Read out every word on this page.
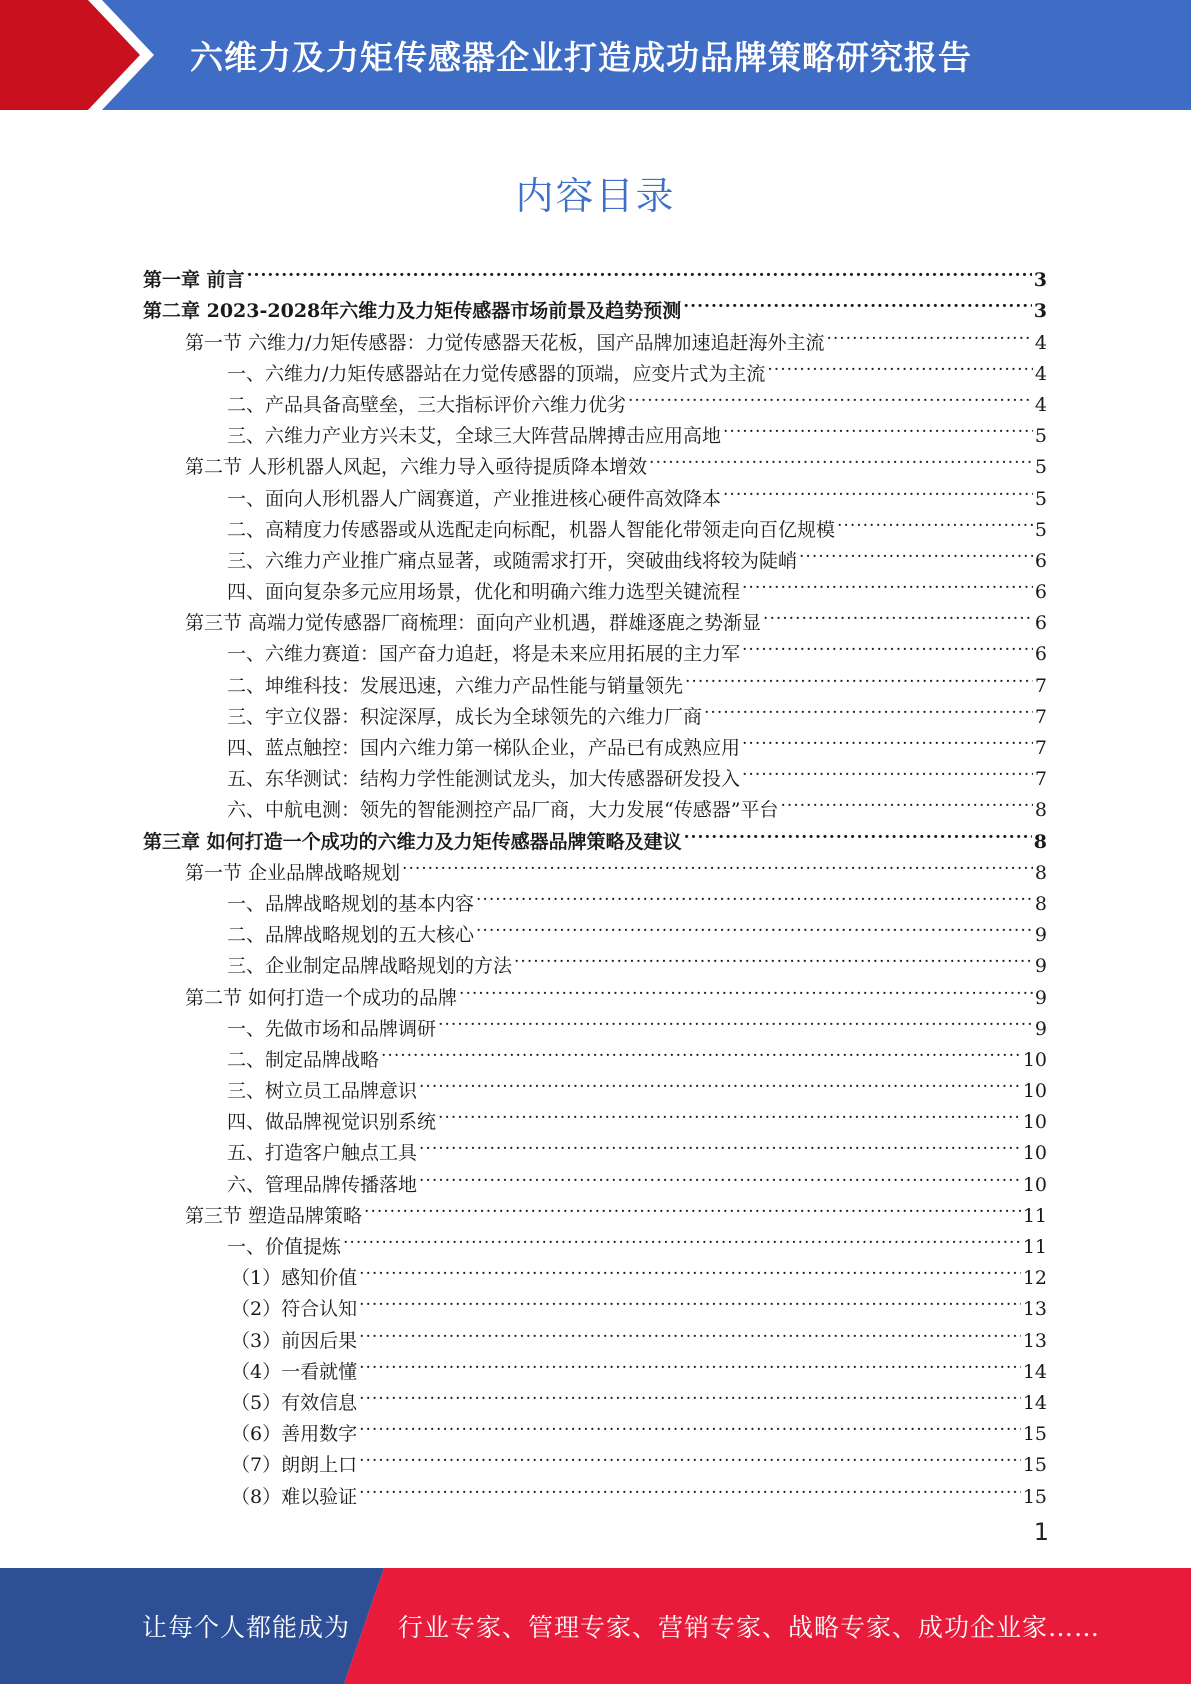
六维力及力矩传感器企业打造成功品牌策略研究报告
内容目录
第一章 前言 .....	3
第二章 2023-2028年六维力及力矩传感器市场前景及趋势预测 .....	3
第一节 六维力/力矩传感器：力觉传感器天花板，国产品牌加速追赶海外主流 .....	4
一、六维力/力矩传感器站在力觉传感器的顶端，应变片式为主流 .....	4
二、产品具备高壁垒，三大指标评价六维力优劣 .....	4
三、六维力产业方兴未艾，全球三大阵营品牌搏击应用高地 .....	5
第二节 人形机器人风起，六维力导入亟待提质降本增效 .....	5
一、面向人形机器人广阔赛道，产业推进核心硬件高效降本 .....	5
二、高精度力传感器或从选配走向标配，机器人智能化带领走向百亿规模 .....	5
三、六维力产业推广痛点显著，或随需求打开，突破曲线将较为陡峭 .....	6
四、面向复杂多元应用场景，优化和明确六维力选型关键流程 .....	6
第三节 高端力觉传感器厂商梳理：面向产业机遇，群雄逐鹿之势渐显 .....	6
一、六维力赛道：国产奋力追赶，将是未来应用拓展的主力军 .....	6
二、坤维科技：发展迅速，六维力产品性能与销量领先 .....	7
三、宇立仪器：积淀深厚，成长为全球领先的六维力厂商 .....	7
四、蓝点触控：国内六维力第一梯队企业，产品已有成熟应用 .....	7
五、东华测试：结构力学性能测试龙头，加大传感器研发投入 .....	7
六、中航电测：领先的智能测控产品厂商，大力发展“传感器”平台 .....	8
第三章 如何打造一个成功的六维力及力矩传感器品牌策略及建议 .....	8
第一节 企业品牌战略规划 .....	8
一、品牌战略规划的基本内容 .....	8
二、品牌战略规划的五大核心 .....	9
三、企业制定品牌战略规划的方法 .....	9
第二节 如何打造一个成功的品牌 .....	9
一、先做市场和品牌调研 .....	9
二、制定品牌战略 .....	10
三、树立员工品牌意识 .....	10
四、做品牌视觉识别系统 .....	10
五、打造客户触点工具 .....	10
六、管理品牌传播落地 .....	10
第三节 塑造品牌策略 .....	11
一、价值提炼 .....	11
（1）感知价值 .....	12
（2）符合认知 .....	13
（3）前因后果 .....	13
（4）一看就懂 .....	14
（5）有效信息 .....	14
（6）善用数字 .....	15
（7）朗朗上口 .....	15
（8）难以验证 .....	15
1
让每个人都能成为 行业专家、管理专家、营销专家、战略专家、成功企业家……
